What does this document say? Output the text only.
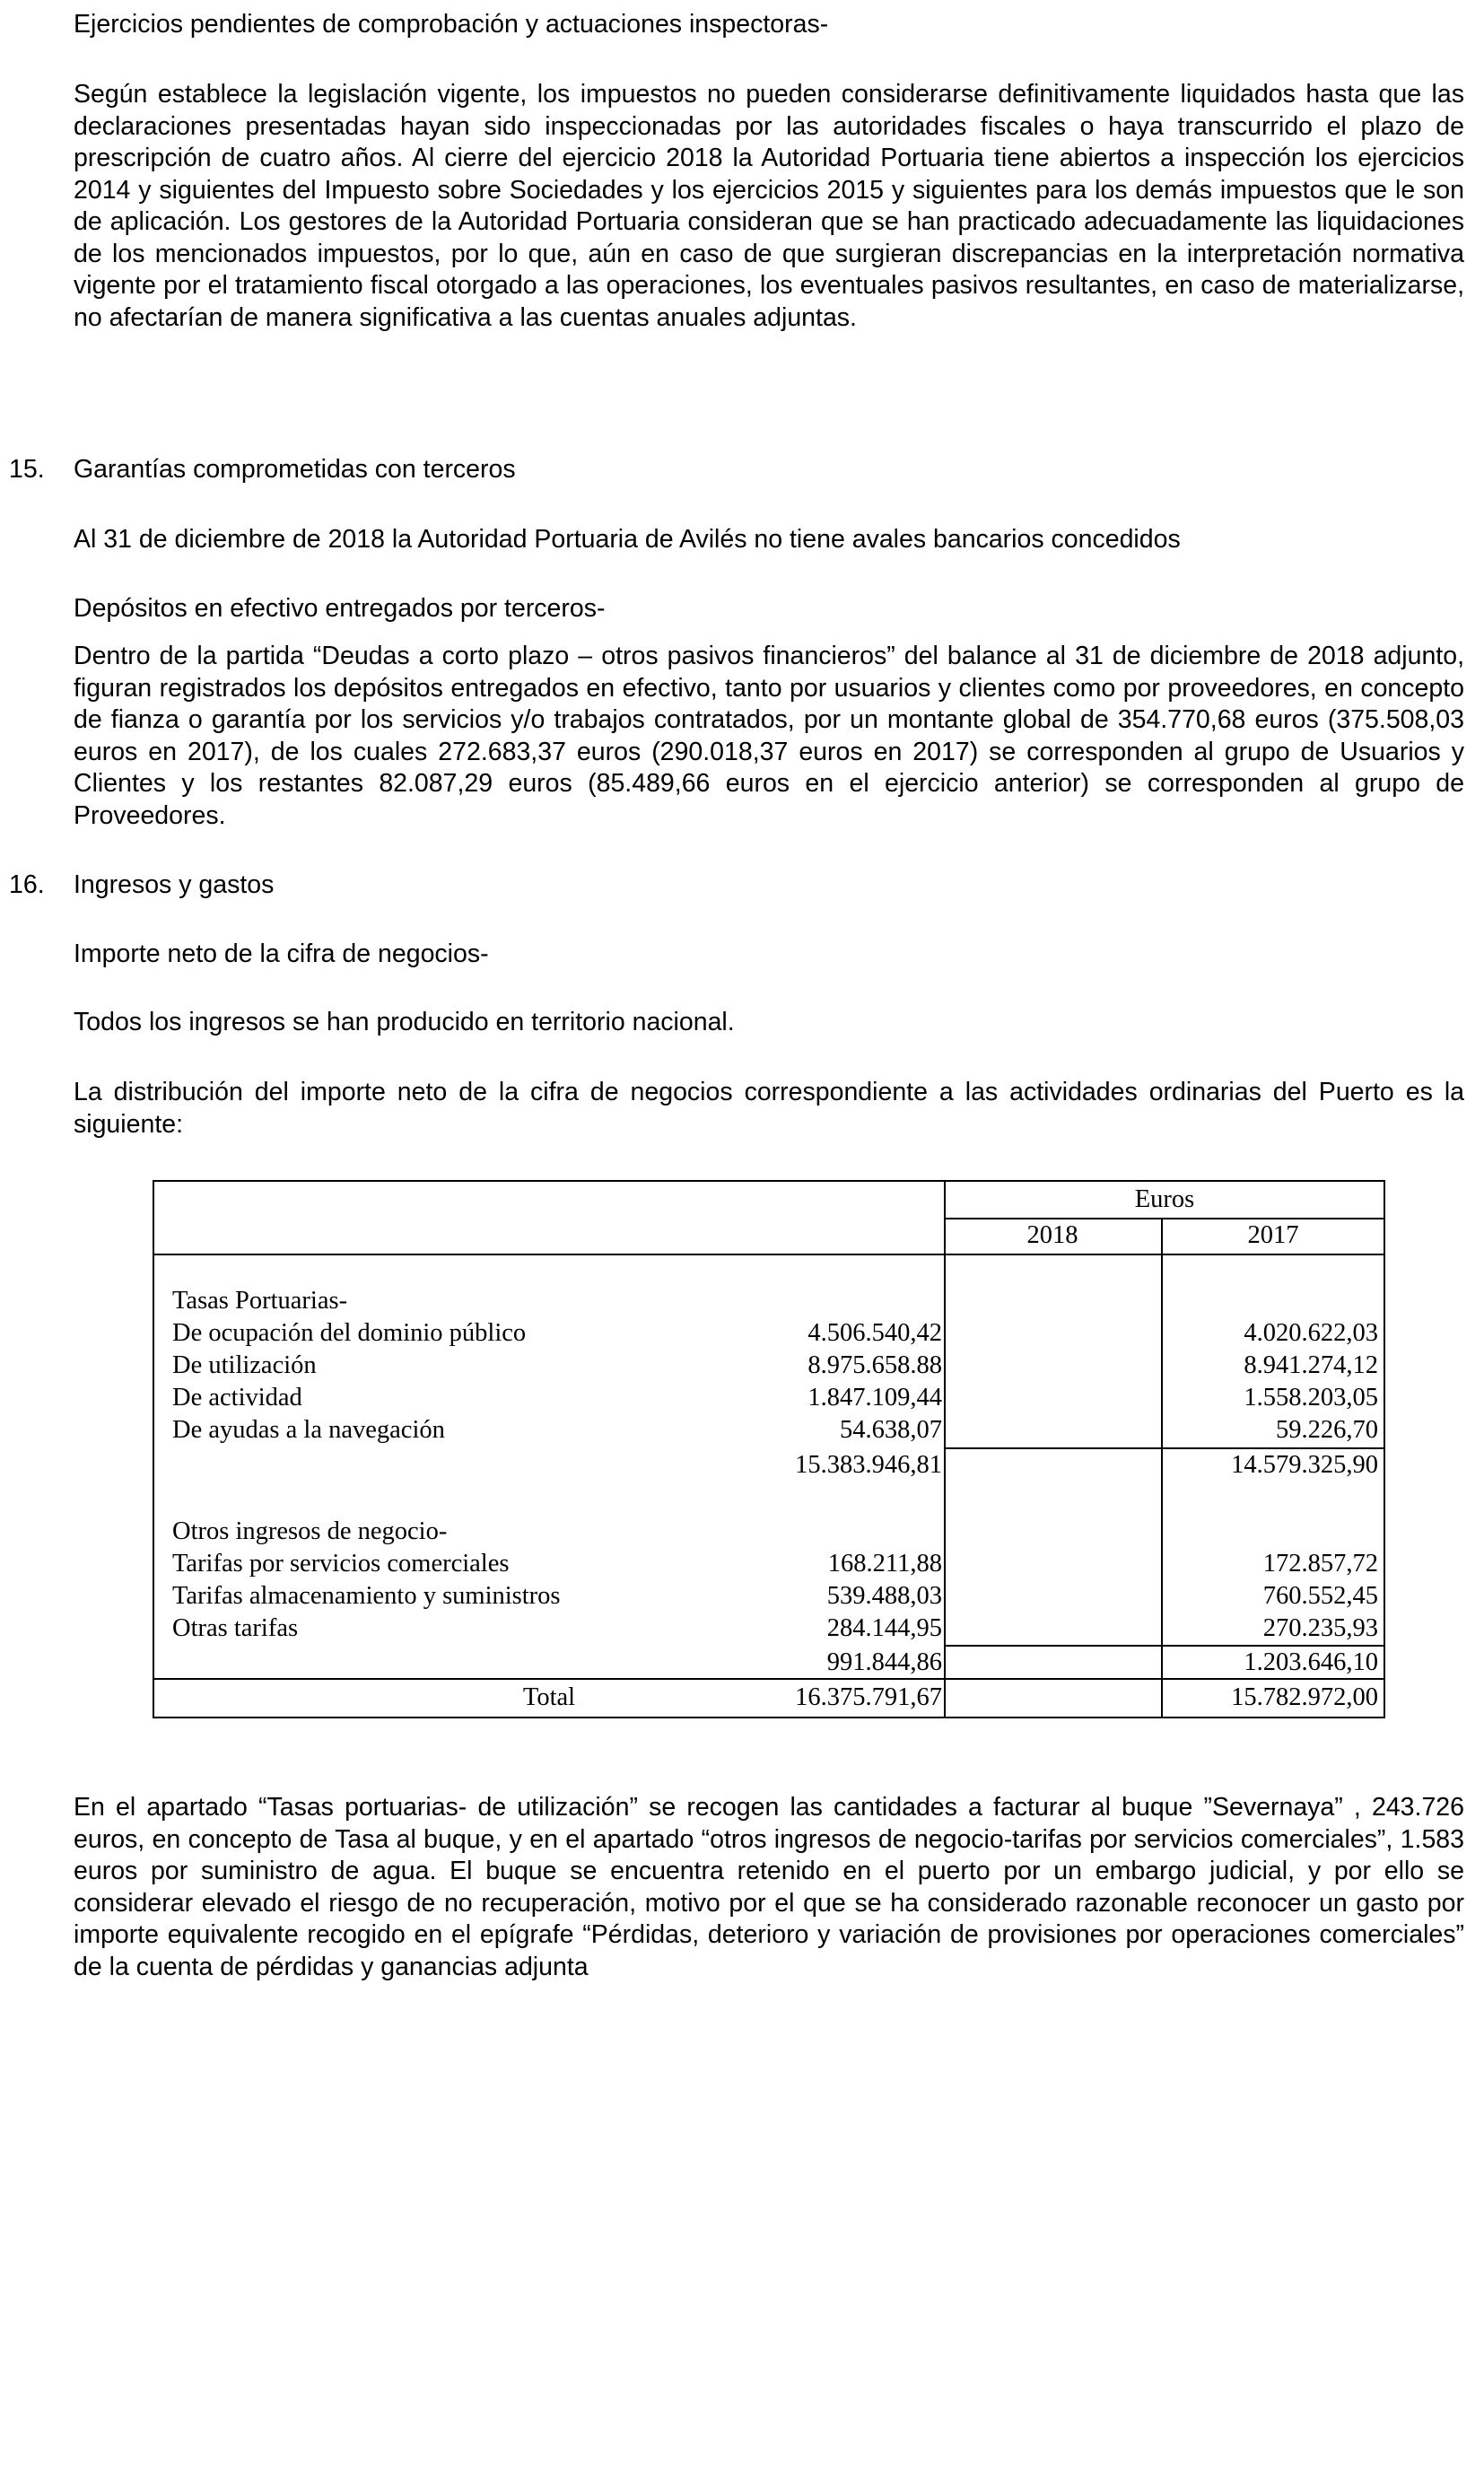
Ejercicios pendientes de comprobación y actuaciones inspectoras-
Según establece la legislación vigente, los impuestos no pueden considerarse definitivamente liquidados hasta que las declaraciones presentadas hayan sido inspeccionadas por las autoridades fiscales o haya transcurrido el plazo de prescripción de cuatro años. Al cierre del ejercicio 2018 la Autoridad Portuaria tiene abiertos a inspección los ejercicios 2014 y siguientes del Impuesto sobre Sociedades y los ejercicios 2015 y siguientes para los demás impuestos que le son de aplicación. Los gestores de la Autoridad Portuaria consideran que se han practicado adecuadamente las liquidaciones de los mencionados impuestos, por lo que, aún en caso de que surgieran discrepancias en la interpretación normativa vigente por el tratamiento fiscal otorgado a las operaciones, los eventuales pasivos resultantes, en caso de materializarse, no afectarían de manera significativa a las cuentas anuales adjuntas.
15. Garantías comprometidas con terceros
Al 31 de diciembre de 2018 la Autoridad Portuaria de Avilés no tiene avales bancarios concedidos
Depósitos en efectivo entregados por terceros-
Dentro de la partida “Deudas a corto plazo – otros pasivos financieros” del balance al 31 de diciembre de 2018 adjunto, figuran registrados los depósitos entregados en efectivo, tanto por usuarios y clientes como por proveedores, en concepto de fianza o garantía por los servicios y/o trabajos contratados, por un montante global de 354.770,68 euros (375.508,03 euros en 2017), de los cuales 272.683,37 euros (290.018,37 euros en 2017) se corresponden al grupo de Usuarios y Clientes y los restantes 82.087,29 euros (85.489,66 euros en el ejercicio anterior) se corresponden al grupo de Proveedores.
16. Ingresos y gastos
Importe neto de la cifra de negocios-
Todos los ingresos se han producido en territorio nacional.
La distribución del importe neto de la cifra de negocios correspondiente a las actividades ordinarias del Puerto es la siguiente:
Euros
2018	2017
Tasas Portuarias-
De ocupación del dominio público	4.506.540,42	4.020.622,03
De utilización	8.975.658.88	8.941.274,12
De actividad	1.847.109,44	1.558.203,05
De ayudas a la navegación	54.638,07	59.226,70
15.383.946,81	14.579.325,90
Otros ingresos de negocio-
Tarifas por servicios comerciales	168.211,88	172.857,72
Tarifas almacenamiento y suministros	539.488,03	760.552,45
Otras tarifas	284.144,95	270.235,93
991.844,86	1.203.646,10
Total	16.375.791,67	15.782.972,00
En el apartado “Tasas portuarias- de utilización” se recogen las cantidades a facturar al buque ”Severnaya” , 243.726 euros, en concepto de Tasa al buque, y en el apartado “otros ingresos de negocio-tarifas por servicios comerciales”, 1.583 euros por suministro de agua. El buque se encuentra retenido en el puerto por un embargo judicial, y por ello se considerar elevado el riesgo de no recuperación, motivo por el que se ha considerado razonable reconocer un gasto por importe equivalente recogido en el epígrafe “Pérdidas, deterioro y variación de provisiones por operaciones comerciales” de la cuenta de pérdidas y ganancias adjunta
